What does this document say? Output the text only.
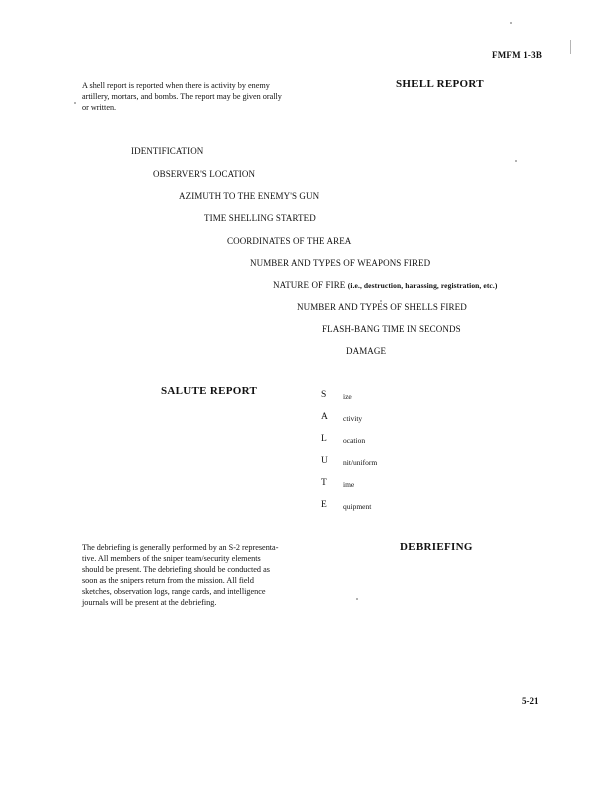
FMFM 1-3B
SHELL REPORT
A shell report is reported when there is activity by enemy
artillery, mortars, and bombs. The report may be given orally
or written.
IDENTIFICATION
OBSERVER'S LOCATION
AZIMUTH TO THE ENEMY'S GUN
TIME SHELLING STARTED
COORDINATES OF THE AREA
NUMBER AND TYPES OF WEAPONS FIRED
NATURE OF FIRE (i.e., destruction, harassing, registration, etc.)
NUMBER AND TYPES OF SHELLS FIRED
FLASH-BANG TIME IN SECONDS
DAMAGE
SALUTE REPORT	S ize
A ctivity
L ocation
U nit/uniform
T ime
E quipment
DEBRIEFING
The debriefing is generally performed by an S-2 representa-
tive. All members of the sniper team/security elements
should be present. The debriefing should be conducted as
soon as the snipers return from the mission. All field
sketches, observation logs, range cards, and intelligence
journals will be present at the debriefing.
5-21
